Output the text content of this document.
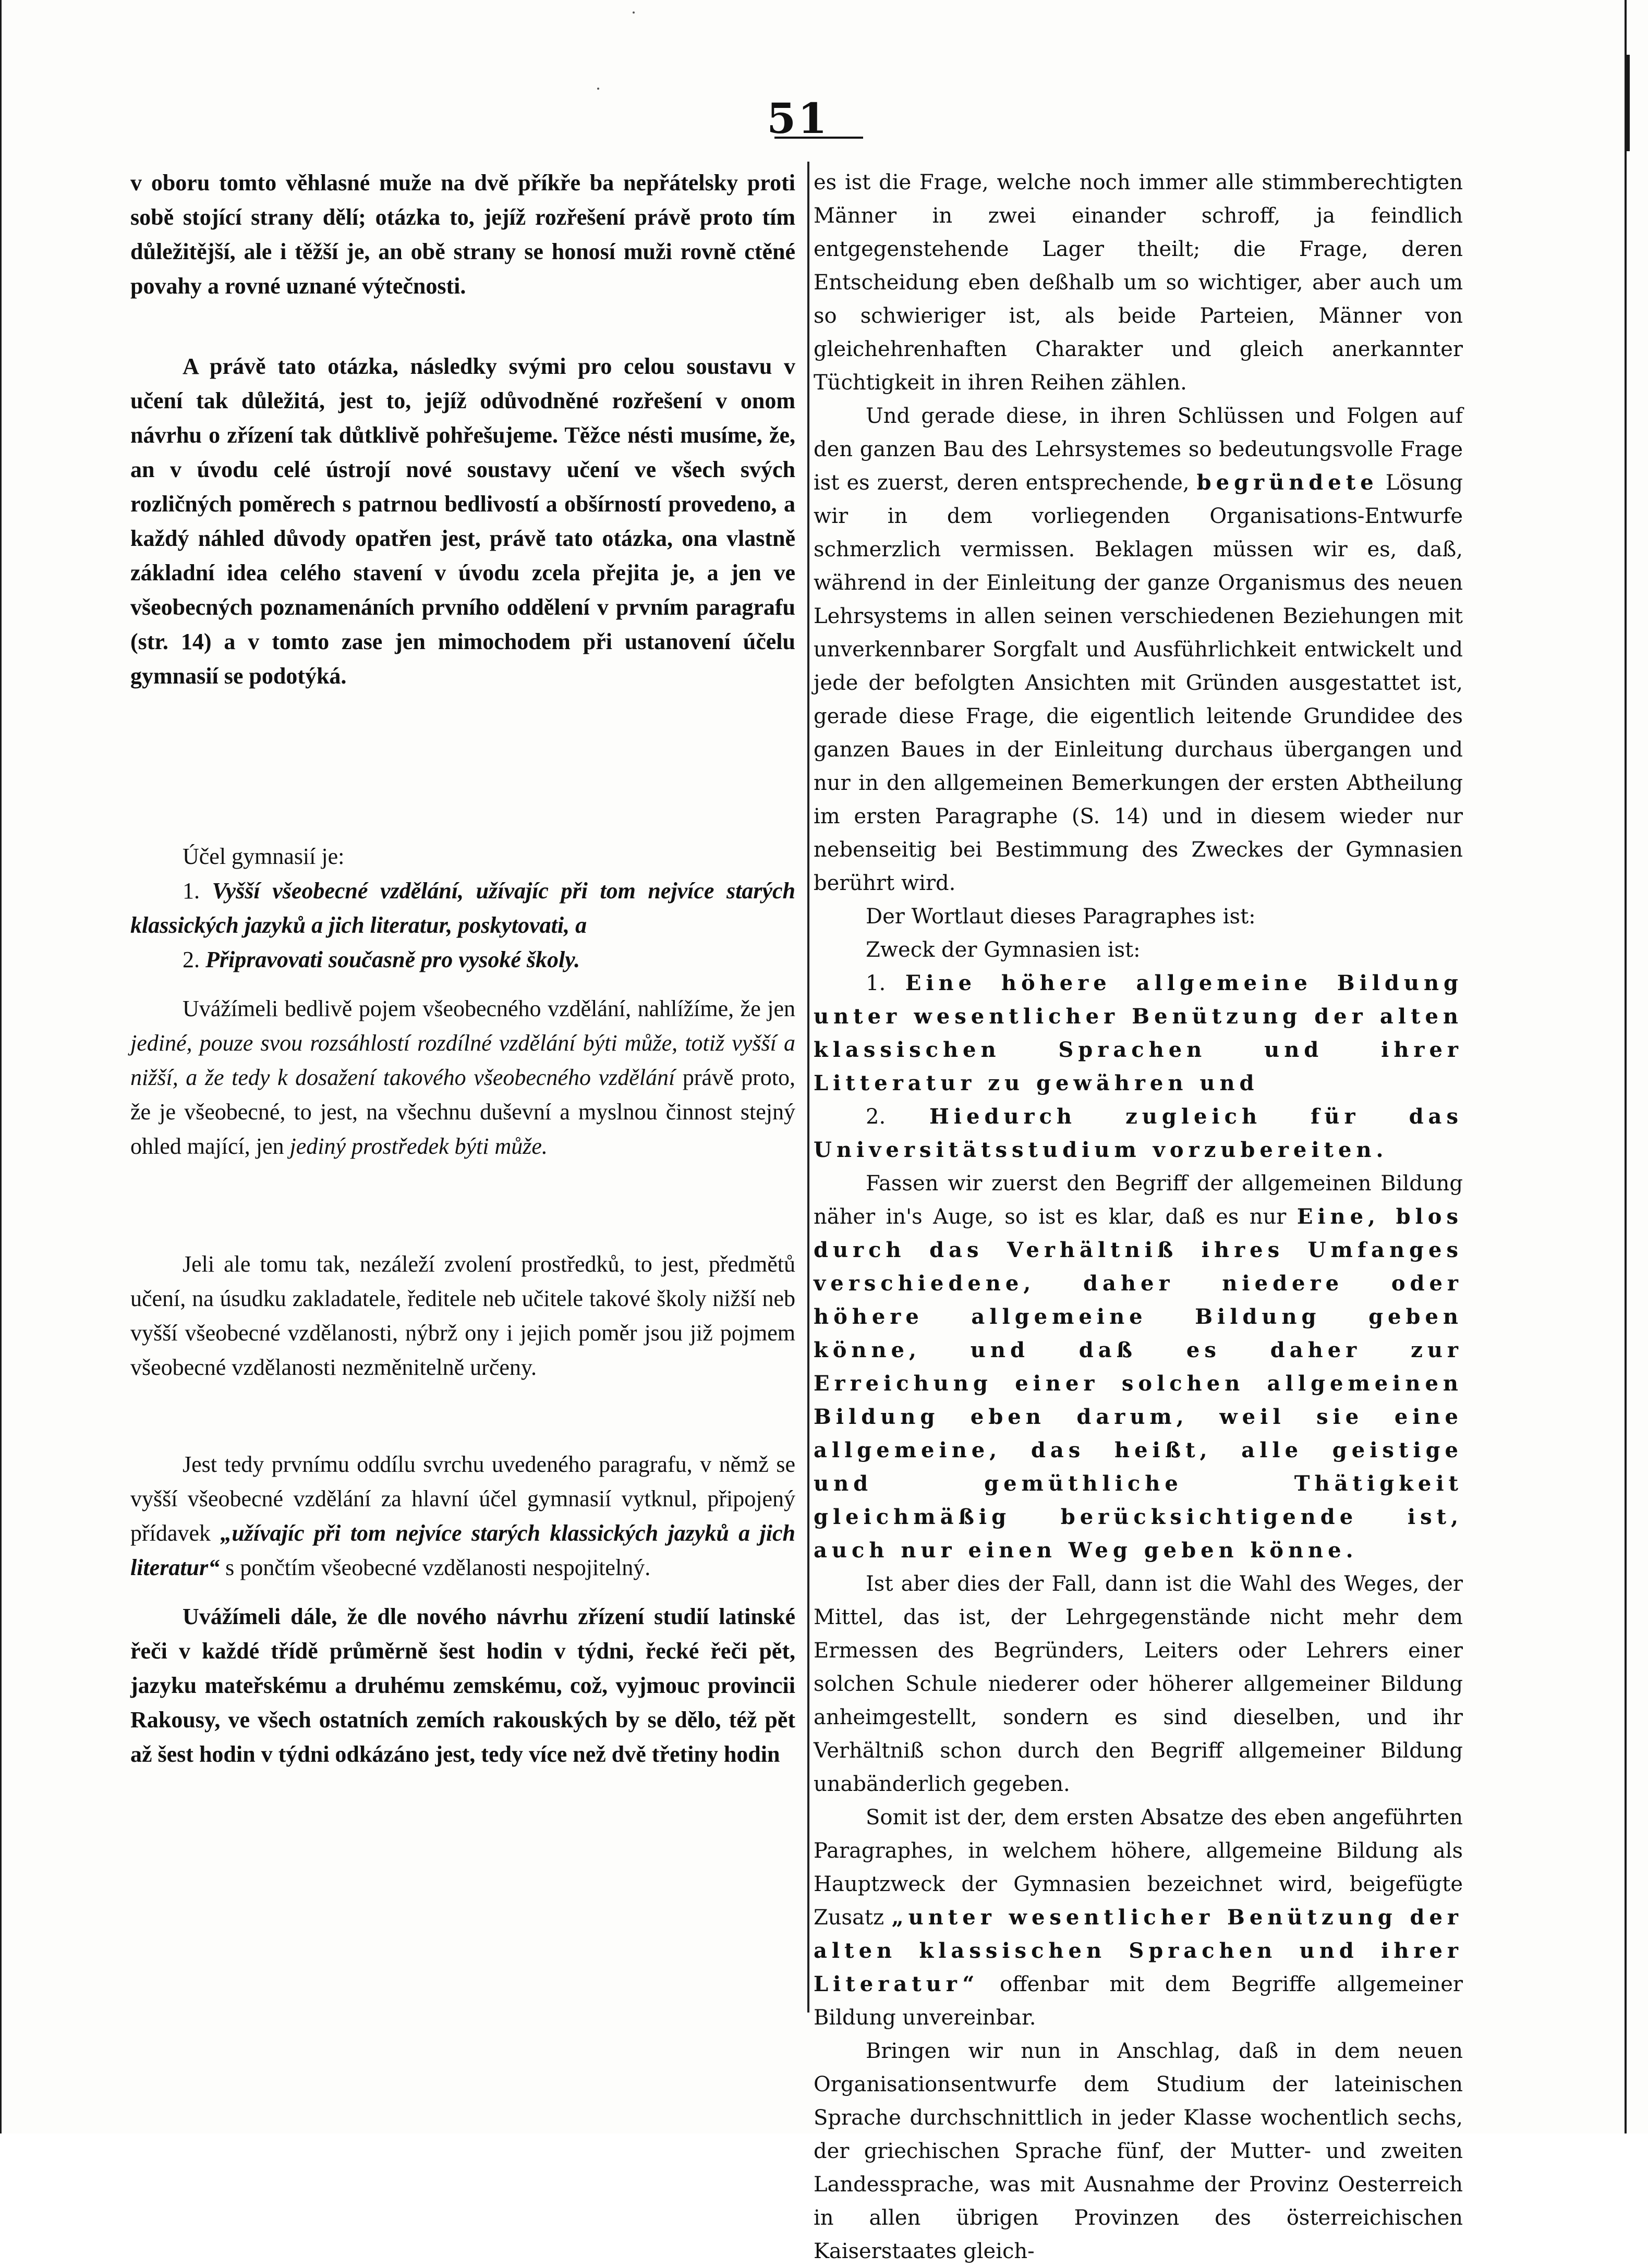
51

v oboru tomto věhlasné muže na dvě příkře ba nepřátelsky proti sobě stojící strany dělí; otázka to, jejíž rozřešení právě proto tím důležitější, ale i těžší je, an obě strany se honosí muži rovně ctěné povahy a rovné uznané výtečnosti.

A právě tato otázka, následky svými pro celou soustavu v učení tak důležitá, jest to, jejíž odůvodněné rozřešení v onom návrhu o zřízení tak důtklivě pohřešujeme. Těžce nésti musíme, že, an v úvodu celé ústrojí nové soustavy učení ve všech svých rozličných poměrech s patrnou bedlivostí a obšírností provedeno, a každý náhled důvody opatřen jest, právě tato otázka, ona vlastně základní idea celého stavení v úvodu zcela přejita je, a jen ve všeobecných poznamenáních prvního oddělení v prvním paragrafu (str. 14) a v tomto zase jen mimochodem při ustanovení účelu gymnasií se podotýká.

Účel gymnasií je:

1. Vyšší všeobecné vzdělání, užívajíc při tom nejvíce starých klassických jazyků a jich literatur, poskytovati, a

2. Připravovati současně pro vysoké školy.

Uvážímeli bedlivě pojem všeobecného vzdělání, nahlížíme, že jen jediné, pouze svou rozsáhlostí rozdílné vzdělání býti může, totiž vyšší a nižší, a že tedy k dosažení takového všeobecného vzdělání právě proto, že je všeobecné, to jest, na všechnu duševní a myslnou činnost stejný ohled mající, jen jediný prostředek býti může.

Jeli ale tomu tak, nezáleží zvolení prostředků, to jest, předmětů učení, na úsudku zakladatele, ředitele neb učitele takové školy nižší neb vyšší všeobecné vzdělanosti, nýbrž ony i jejich poměr jsou již pojmem všeobecné vzdělanosti nezměnitelně určeny.

Jest tedy prvnímu oddílu svrchu uvedeného paragrafu, v němž se vyšší všeobecné vzdělání za hlavní účel gymnasií vytknul, připojený přídavek „užívajíc při tom nejvíce starých klassických jazyků a jich literatur“ s pončtím všeobecné vzdělanosti nespojitelný.

Uvážímeli dále, že dle nového návrhu zřízení studií latinské řeči v každé třídě průměrně šest hodin v týdni, řecké řeči pět, jazyku mateřskému a druhému zemskému, což, vyjmouc provincii Rakousy, ve všech ostatních zemích rakouských by se dělo, též pět až šest hodin v týdni odkázáno jest, tedy více než dvě třetiny hodin

es ist die Frage, welche noch immer alle stimmberechtigten Männer in zwei einander schroff, ja feindlich entgegenstehende Lager theilt; die Frage, deren Entscheidung eben deßhalb um so wichtiger, aber auch um so schwieriger ist, als beide Parteien, Männer von gleichehrenhaften Charakter und gleich anerkannter Tüchtigkeit in ihren Reihen zählen.

Und gerade diese, in ihren Schlüssen und Folgen auf den ganzen Bau des Lehrsystemes so bedeutungsvolle Frage ist es zuerst, deren entsprechende, begründete Lösung wir in dem vorliegenden Organisations-Entwurfe schmerzlich vermissen. Beklagen müssen wir es, daß, während in der Einleitung der ganze Organismus des neuen Lehrsystems in allen seinen verschiedenen Beziehungen mit unverkennbarer Sorgfalt und Ausführlichkeit entwickelt und jede der befolgten Ansichten mit Gründen ausgestattet ist, gerade diese Frage, die eigentlich leitende Grundidee des ganzen Baues in der Einleitung durchaus übergangen und nur in den allgemeinen Bemerkungen der ersten Abtheilung im ersten Paragraphe (S. 14) und in diesem wieder nur nebenseitig bei Bestimmung des Zweckes der Gymnasien berührt wird.

Der Wortlaut dieses Paragraphes ist:

Zweck der Gymnasien ist:

1. Eine höhere allgemeine Bildung unter wesentlicher Benützung der alten klassischen Sprachen und ihrer Litteratur zu gewähren und

2. Hiedurch zugleich für das Universitätsstudium vorzubereiten.

Fassen wir zuerst den Begriff der allgemeinen Bildung näher in's Auge, so ist es klar, daß es nur Eine, blos durch das Verhältniß ihres Umfanges verschiedene, daher niedere oder höhere allgemeine Bildung geben könne, und daß es daher zur Erreichung einer solchen allgemeinen Bildung eben darum, weil sie eine allgemeine, das heißt, alle geistige und gemüthliche Thätigkeit gleichmäßig berücksichtigende ist, auch nur einen Weg geben könne.

Ist aber dies der Fall, dann ist die Wahl des Weges, der Mittel, das ist, der Lehrgegenstände nicht mehr dem Ermessen des Begründers, Leiters oder Lehrers einer solchen Schule niederer oder höherer allgemeiner Bildung anheimgestellt, sondern es sind dieselben, und ihr Verhältniß schon durch den Begriff allgemeiner Bildung unabänderlich gegeben.

Somit ist der, dem ersten Absatze des eben angeführten Paragraphes, in welchem höhere, allgemeine Bildung als Hauptzweck der Gymnasien bezeichnet wird, beigefügte Zusatz „unter wesentlicher Benützung der alten klassischen Sprachen und ihrer Literatur“ offenbar mit dem Begriffe allgemeiner Bildung unvereinbar.

Bringen wir nun in Anschlag, daß in dem neuen Organisationsentwurfe dem Studium der lateinischen Sprache durchschnittlich in jeder Klasse wochentlich sechs, der griechischen Sprache fünf, der Mutter- und zweiten Landessprache, was mit Ausnahme der Provinz Oesterreich in allen übrigen Provinzen des österreichischen Kaiserstaates gleich-
